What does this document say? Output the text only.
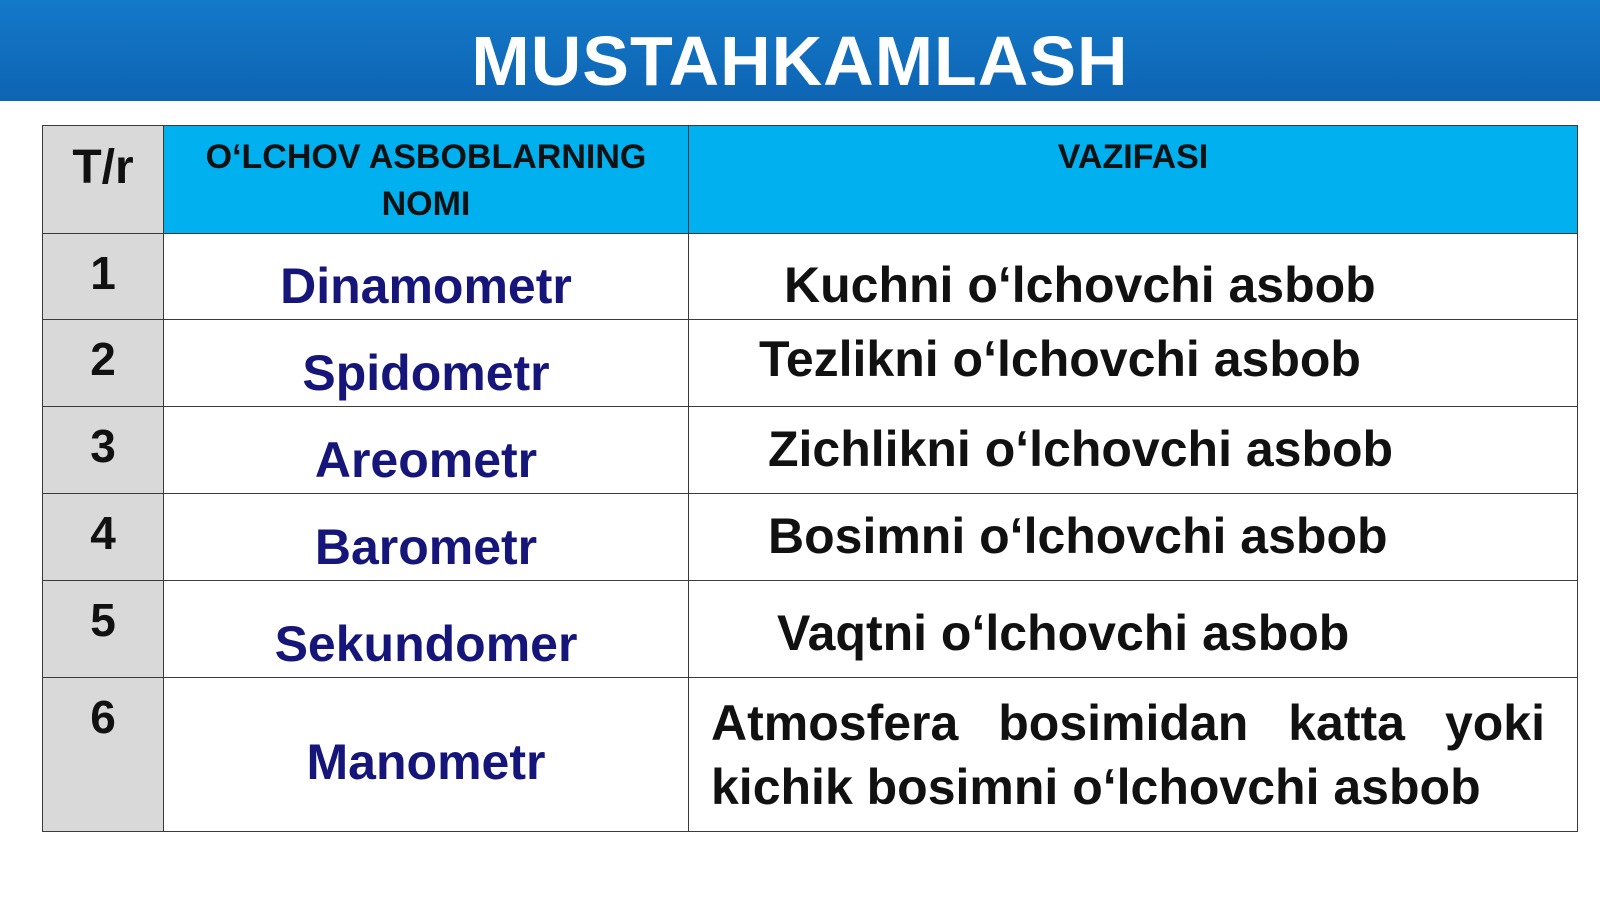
MUSTAHKAMLASH
T/r	O‘LCHOV ASBOBLARNING NOMI	VAZIFASI

1	Dinamometr	Kuchni o‘lchovchi asbob

2	Spidometr	Tezlikni o‘lchovchi asbob

3	Areometr	Zichlikni o‘lchovchi asbob

4	Barometr	Bosimni o‘lchovchi asbob

5	Sekundomer	Vaqtni o‘lchovchi asbob

6	Manometr	Atmosfera bosimidan katta yoki kichik bosimni o‘lchovchi asbob
